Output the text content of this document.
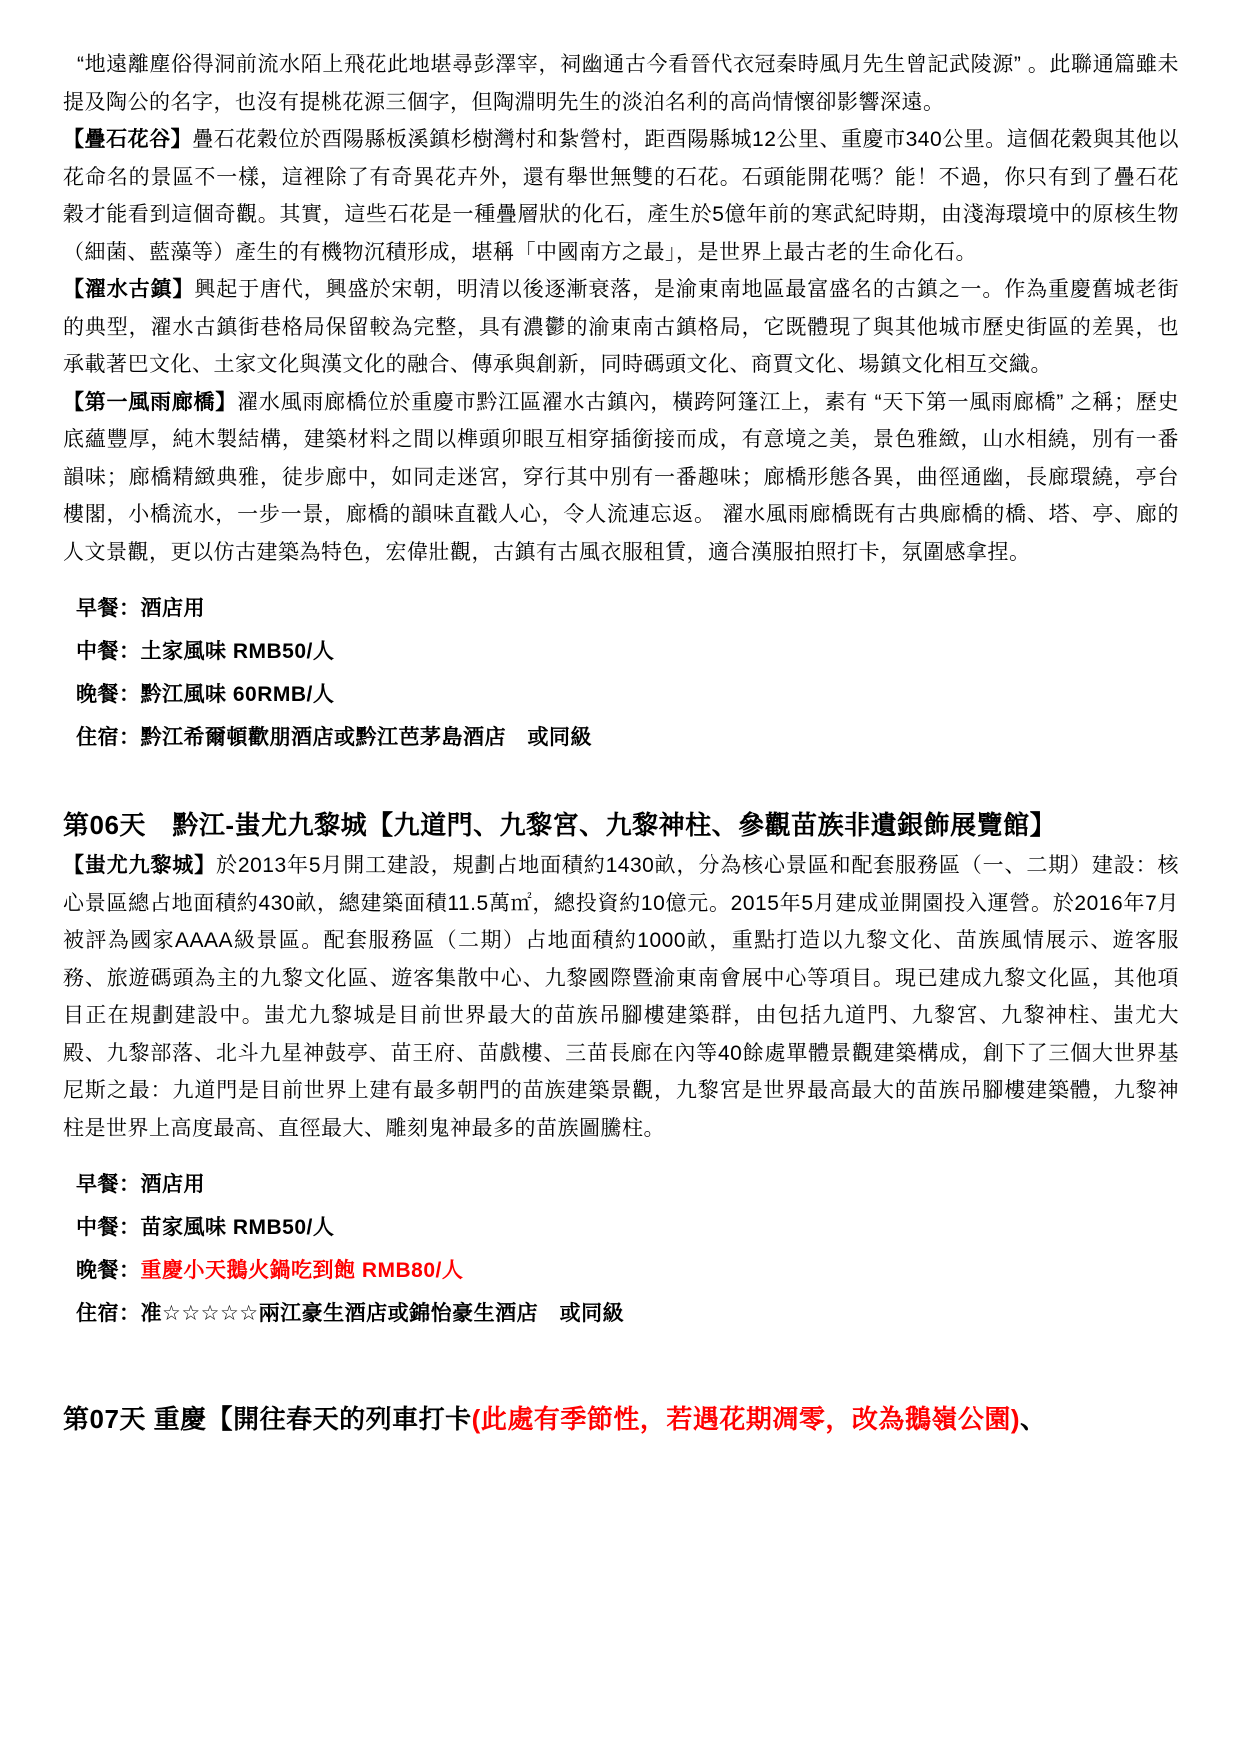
“地遠離塵俗得洞前流水陌上飛花此地堪尋彭澤宰，祠幽通古今看晉代衣冠秦時風月先生曾記武陵源” 。此聯通篇雖未提及陶公的名字，也沒有提桃花源三個字，但陶淵明先生的淡泊名利的高尚情懷卻影響深遠。

【疊石花谷】疊石花穀位於酉陽縣板溪鎮杉樹灣村和紮營村，距酉陽縣城12公里、重慶市340公里。這個花穀與其他以花命名的景區不一樣，這裡除了有奇異花卉外，還有舉世無雙的石花。石頭能開花嗎？能！不過，你只有到了疊石花穀才能看到這個奇觀。其實，這些石花是一種疊層狀的化石，產生於5億年前的寒武紀時期，由淺海環境中的原核生物（細菌、藍藻等）產生的有機物沉積形成，堪稱「中國南方之最」，是世界上最古老的生命化石。

【濯水古鎮】興起于唐代，興盛於宋朝，明清以後逐漸衰落，是渝東南地區最富盛名的古鎮之一。作為重慶舊城老街的典型，濯水古鎮街巷格局保留較為完整，具有濃鬱的渝東南古鎮格局，它既體現了與其他城市歷史街區的差異，也承載著巴文化、土家文化與漢文化的融合、傳承與創新，同時碼頭文化、商賈文化、場鎮文化相互交織。

【第一風雨廊橋】濯水風雨廊橋位於重慶市黔江區濯水古鎮內，橫跨阿篷江上，素有 “天下第一風雨廊橋” 之稱；歷史底蘊豐厚，純木製結構，建築材料之間以榫頭卯眼互相穿插銜接而成，有意境之美，景色雅緻，山水相繞，別有一番韻味；廊橋精緻典雅，徒步廊中，如同走迷宮，穿行其中別有一番趣味；廊橋形態各異，曲徑通幽，長廊環繞，亭台樓閣，小橋流水，一步一景，廊橋的韻味直戳人心，令人流連忘返。 濯水風雨廊橋既有古典廊橋的橋、塔、亭、廊的人文景觀，更以仿古建築為特色，宏偉壯觀，古鎮有古風衣服租賃，適合漢服拍照打卡，氛圍感拿捏。

早餐：酒店用

中餐：土家風味 RMB50/人

晚餐：黔江風味 60RMB/人

住宿：黔江希爾頓歡朋酒店或黔江芭茅島酒店　或同級

第06天　黔江-蚩尤九黎城【九道門、九黎宮、九黎神柱、參觀苗族非遺銀飾展覽館】

【蚩尤九黎城】於2013年5月開工建設，規劃占地面積約1430畝，分為核心景區和配套服務區（一、二期）建設：核心景區總占地面積約430畝，總建築面積11.5萬㎡，總投資約10億元。2015年5月建成並開園投入運營。於2016年7月被評為國家AAAA級景區。配套服務區（二期）占地面積約1000畝，重點打造以九黎文化、苗族風情展示、遊客服務、旅遊碼頭為主的九黎文化區、遊客集散中心、九黎國際暨渝東南會展中心等項目。現已建成九黎文化區，其他項目正在規劃建設中。蚩尤九黎城是目前世界最大的苗族吊腳樓建築群，由包括九道門、九黎宮、九黎神柱、蚩尤大殿、九黎部落、北斗九星神鼓亭、苗王府、苗戲樓、三苗長廊在內等40餘處單體景觀建築構成，創下了三個大世界基尼斯之最：九道門是目前世界上建有最多朝門的苗族建築景觀，九黎宮是世界最高最大的苗族吊腳樓建築體，九黎神柱是世界上高度最高、直徑最大、雕刻鬼神最多的苗族圖騰柱。

早餐：酒店用

中餐：苗家風味 RMB50/人

晚餐：重慶小天鵝火鍋吃到飽 RMB80/人

住宿：准☆☆☆☆☆兩江豪生酒店或錦怡豪生酒店　或同級

第07天 重慶【開往春天的列車打卡(此處有季節性，若遇花期凋零，改為鵝嶺公園)、
